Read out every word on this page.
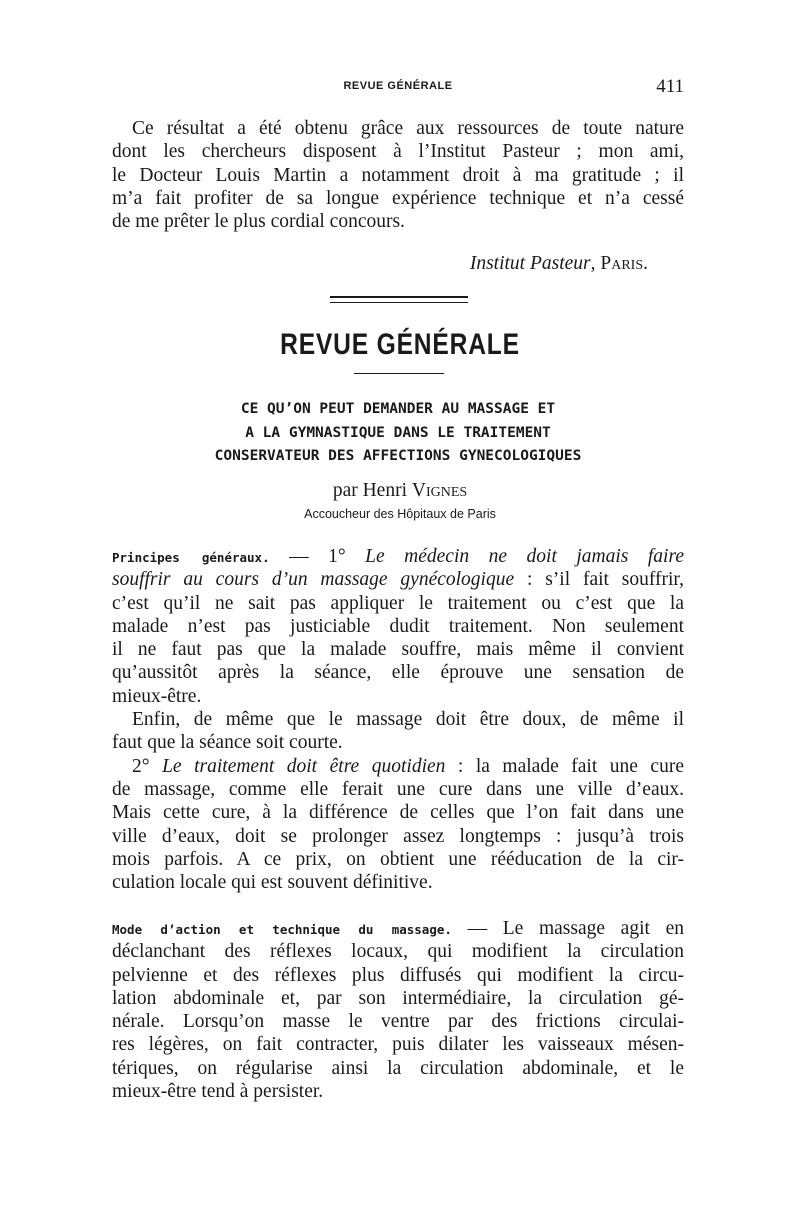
REVUE GÉNÉRALE	411
Ce résultat a été obtenu grâce aux ressources de toute nature
dont les chercheurs disposent à l’Institut Pasteur ; mon ami,
le Docteur Louis Martin a notamment droit à ma gratitude ; il
m’a fait profiter de sa longue expérience technique et n’a cessé
de me prêter le plus cordial concours.
Institut Pasteur, Paris.
REVUE GÉNÉRALE
CE QU’ON PEUT DEMANDER AU MASSAGE ET
A LA GYMNASTIQUE DANS LE TRAITEMENT
CONSERVATEUR DES AFFECTIONS GYNECOLOGIQUES
par Henri Vignes
Accoucheur des Hôpitaux de Paris
Principes généraux. — 1° Le médecin ne doit jamais faire
souffrir au cours d’un massage gynécologique : s’il fait souffrir,
c’est qu’il ne sait pas appliquer le traitement ou c’est que la
malade n’est pas justiciable dudit traitement. Non seulement
il ne faut pas que la malade souffre, mais même il convient
qu’aussitôt après la séance, elle éprouve une sensation de
mieux-être.
Enfin, de même que le massage doit être doux, de même il
faut que la séance soit courte.
2° Le traitement doit être quotidien : la malade fait une cure
de massage, comme elle ferait une cure dans une ville d’eaux.
Mais cette cure, à la différence de celles que l’on fait dans une
ville d’eaux, doit se prolonger assez longtemps : jusqu’à trois
mois parfois. A ce prix, on obtient une rééducation de la cir-
culation locale qui est souvent définitive.
Mode d’action et technique du massage. — Le massage agit en
déclanchant des réflexes locaux, qui modifient la circulation
pelvienne et des réflexes plus diffusés qui modifient la circu-
lation abdominale et, par son intermédiaire, la circulation gé-
nérale. Lorsqu’on masse le ventre par des frictions circulai-
res légères, on fait contracter, puis dilater les vaisseaux mésen-
tériques, on régularise ainsi la circulation abdominale, et le
mieux-être tend à persister.
